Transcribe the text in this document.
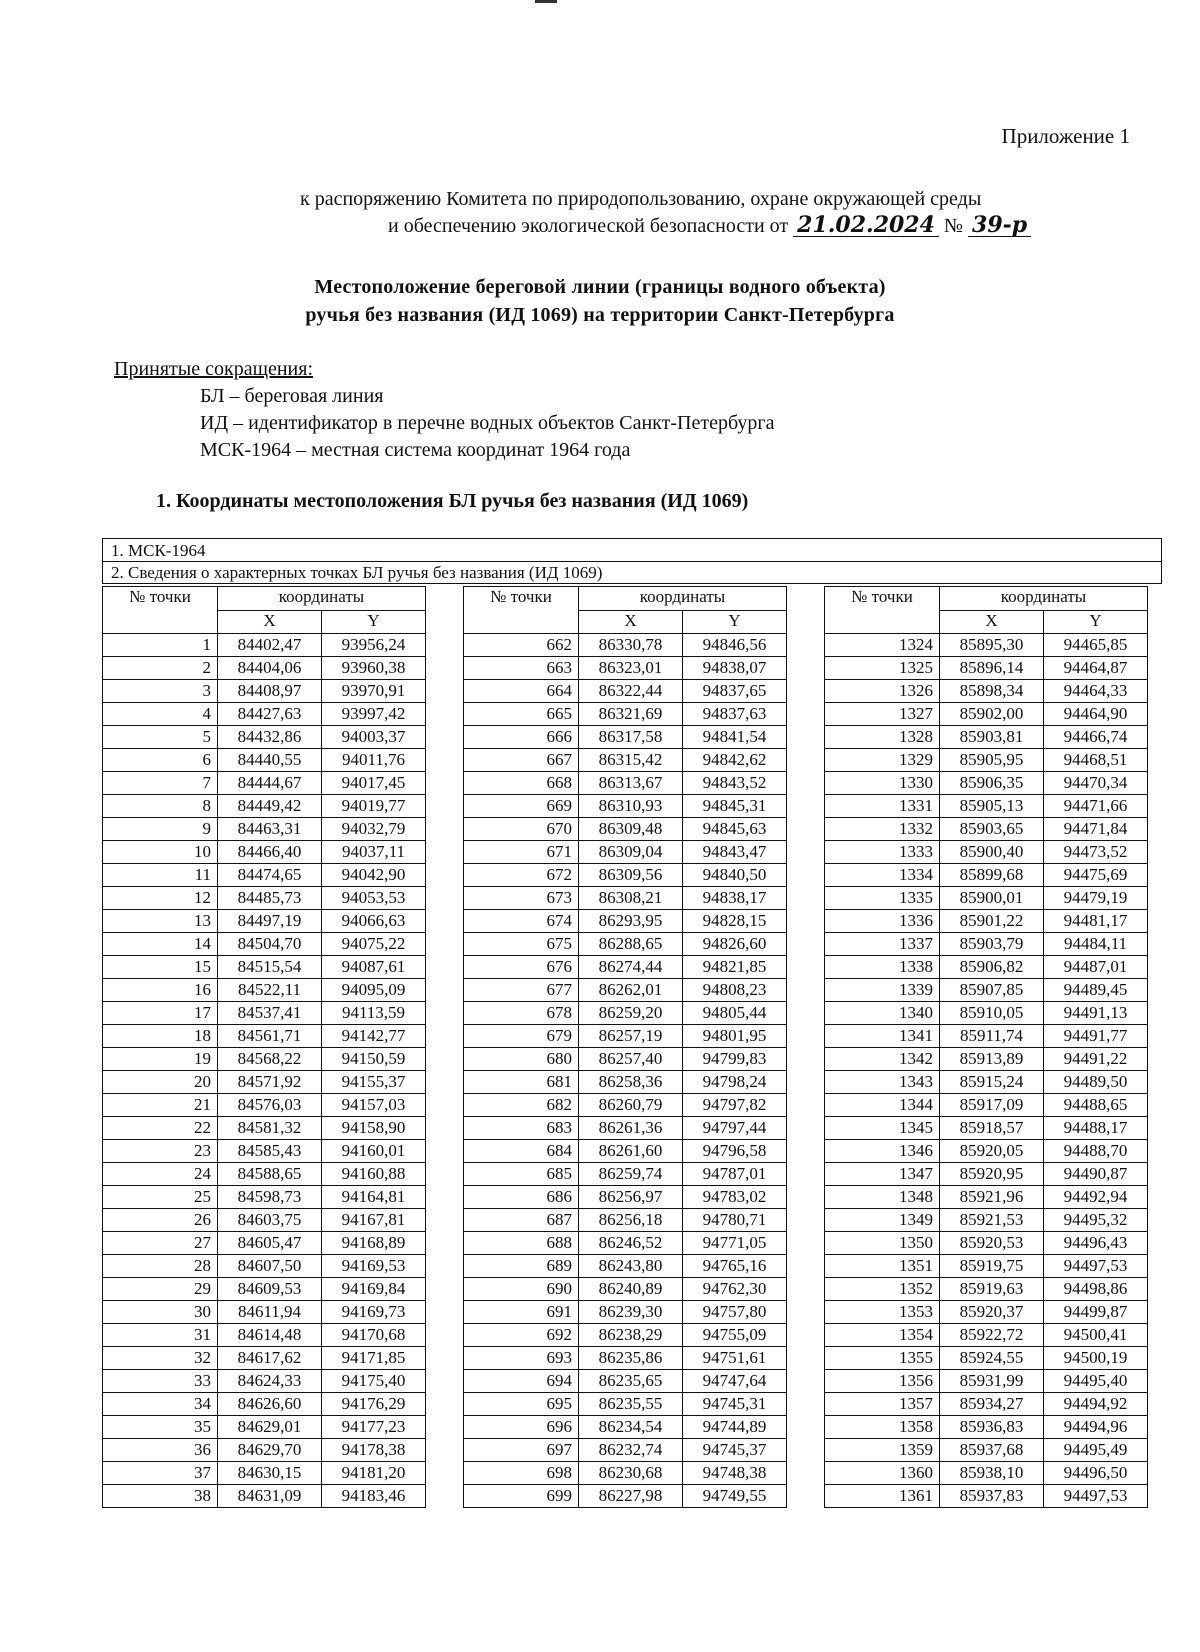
Приложение 1
к распоряжению Комитета по природопользованию, охране окружающей среды
и обеспечению экологической безопасности от 21.02.2024 № 39-р
Местоположение береговой линии (границы водного объекта)
ручья без названия (ИД 1069) на территории Санкт-Петербурга
Принятые сокращения:
БЛ – береговая линия
ИД – идентификатор в перечне водных объектов Санкт-Петербурга
МСК-1964 – местная система координат 1964 года
1. Координаты местоположения БЛ ручья без названия (ИД 1069)
1. МСК-1964
2. Сведения о характерных точках БЛ ручья без названия (ИД 1069)
№ точки	координаты	
	X	Y
1	84402,47	93956,24
2	84404,06	93960,38
3	84408,97	93970,91
4	84427,63	93997,42
5	84432,86	94003,37
6	84440,55	94011,76
7	84444,67	94017,45
8	84449,42	94019,77
9	84463,31	94032,79
10	84466,40	94037,11
11	84474,65	94042,90
12	84485,73	94053,53
13	84497,19	94066,63
14	84504,70	94075,22
15	84515,54	94087,61
16	84522,11	94095,09
17	84537,41	94113,59
18	84561,71	94142,77
19	84568,22	94150,59
20	84571,92	94155,37
21	84576,03	94157,03
22	84581,32	94158,90
23	84585,43	94160,01
24	84588,65	94160,88
25	84598,73	94164,81
26	84603,75	94167,81
27	84605,47	94168,89
28	84607,50	94169,53
29	84609,53	94169,84
30	84611,94	94169,73
31	84614,48	94170,68
32	84617,62	94171,85
33	84624,33	94175,40
34	84626,60	94176,29
35	84629,01	94177,23
36	84629,70	94178,38
37	84630,15	94181,20
38	84631,09	94183,46
№ точки	координаты	
	X	Y
662	86330,78	94846,56
663	86323,01	94838,07
664	86322,44	94837,65
665	86321,69	94837,63
666	86317,58	94841,54
667	86315,42	94842,62
668	86313,67	94843,52
669	86310,93	94845,31
670	86309,48	94845,63
671	86309,04	94843,47
672	86309,56	94840,50
673	86308,21	94838,17
674	86293,95	94828,15
675	86288,65	94826,60
676	86274,44	94821,85
677	86262,01	94808,23
678	86259,20	94805,44
679	86257,19	94801,95
680	86257,40	94799,83
681	86258,36	94798,24
682	86260,79	94797,82
683	86261,36	94797,44
684	86261,60	94796,58
685	86259,74	94787,01
686	86256,97	94783,02
687	86256,18	94780,71
688	86246,52	94771,05
689	86243,80	94765,16
690	86240,89	94762,30
691	86239,30	94757,80
692	86238,29	94755,09
693	86235,86	94751,61
694	86235,65	94747,64
695	86235,55	94745,31
696	86234,54	94744,89
697	86232,74	94745,37
698	86230,68	94748,38
699	86227,98	94749,55
№ точки	координаты	
	X	Y
1324	85895,30	94465,85
1325	85896,14	94464,87
1326	85898,34	94464,33
1327	85902,00	94464,90
1328	85903,81	94466,74
1329	85905,95	94468,51
1330	85906,35	94470,34
1331	85905,13	94471,66
1332	85903,65	94471,84
1333	85900,40	94473,52
1334	85899,68	94475,69
1335	85900,01	94479,19
1336	85901,22	94481,17
1337	85903,79	94484,11
1338	85906,82	94487,01
1339	85907,85	94489,45
1340	85910,05	94491,13
1341	85911,74	94491,77
1342	85913,89	94491,22
1343	85915,24	94489,50
1344	85917,09	94488,65
1345	85918,57	94488,17
1346	85920,05	94488,70
1347	85920,95	94490,87
1348	85921,96	94492,94
1349	85921,53	94495,32
1350	85920,53	94496,43
1351	85919,75	94497,53
1352	85919,63	94498,86
1353	85920,37	94499,87
1354	85922,72	94500,41
1355	85924,55	94500,19
1356	85931,99	94495,40
1357	85934,27	94494,92
1358	85936,83	94494,96
1359	85937,68	94495,49
1360	85938,10	94496,50
1361	85937,83	94497,53
